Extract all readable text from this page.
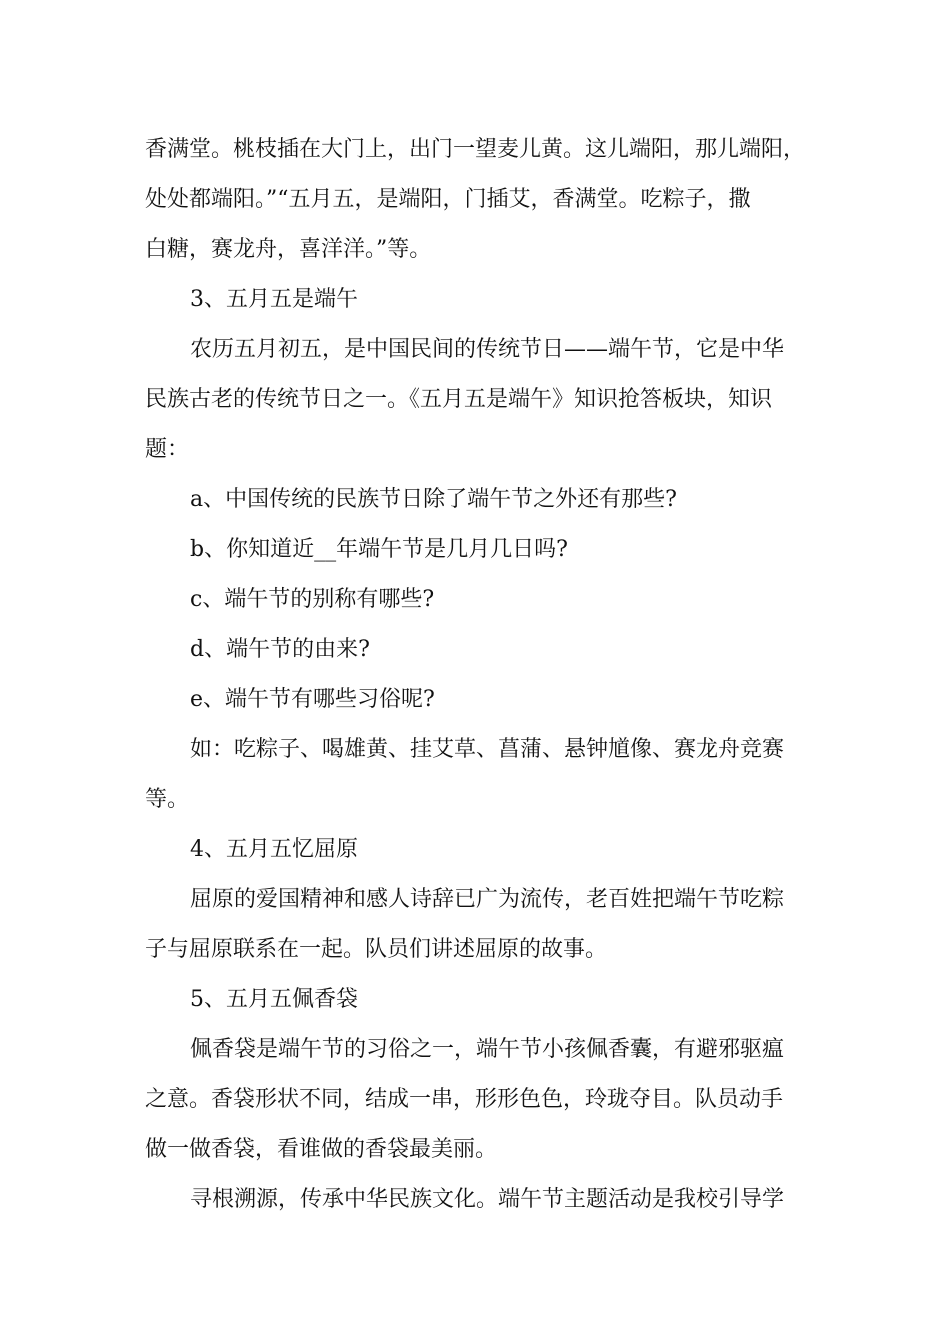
香满堂。桃枝插在大门上，出门一望麦儿黄。这儿端阳，那儿端阳，
处处都端阳。”“五月五，是端阳，门插艾，香满堂。吃粽子，撒
白糖，赛龙舟，喜洋洋。”等。
3、五月五是端午
农历五月初五，是中国民间的传统节日——端午节，它是中华
民族古老的传统节日之一。《五月五是端午》知识抢答板块，知识
题：
a、中国传统的民族节日除了端午节之外还有那些?
b、你知道近__年端午节是几月几日吗?
c、端午节的别称有哪些?
d、端午节的由来?
e、端午节有哪些习俗呢?
如：吃粽子、喝雄黄、挂艾草、菖蒲、悬钟馗像、赛龙舟竞赛
等。
4、五月五忆屈原
屈原的爱国精神和感人诗辞已广为流传，老百姓把端午节吃粽
子与屈原联系在一起。队员们讲述屈原的故事。
5、五月五佩香袋
佩香袋是端午节的习俗之一，端午节小孩佩香囊，有避邪驱瘟
之意。香袋形状不同，结成一串，形形色色，玲珑夺目。队员动手
做一做香袋，看谁做的香袋最美丽。
寻根溯源，传承中华民族文化。端午节主题活动是我校引导学
